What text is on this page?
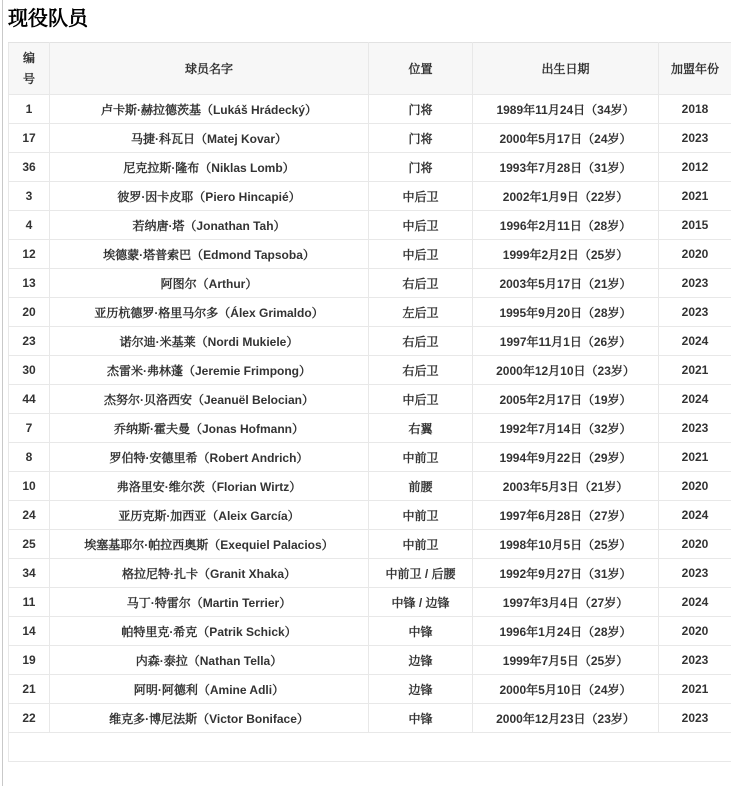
现役队员
编号	球员名字	位置	出生日期	加盟年份
1	卢卡斯·赫拉德茨基（Lukáš Hrádecký）	门将	1989年11月24日（34岁）	2018
17	马捷·科瓦日（Matej Kovar）	门将	2000年5月17日（24岁）	2023
36	尼克拉斯·隆布（Niklas Lomb）	门将	1993年7月28日（31岁）	2012
3	彼罗·因卡皮耶（Piero Hincapié）	中后卫	2002年1月9日（22岁）	2021
4	若纳唐·塔（Jonathan Tah）	中后卫	1996年2月11日（28岁）	2015
12	埃德蒙·塔普索巴（Edmond Tapsoba）	中后卫	1999年2月2日（25岁）	2020
13	阿图尔（Arthur）	右后卫	2003年5月17日（21岁）	2023
20	亚历杭德罗·格里马尔多（Álex Grimaldo）	左后卫	1995年9月20日（28岁）	2023
23	诺尔迪·米基莱（Nordi Mukiele）	右后卫	1997年11月1日（26岁）	2024
30	杰雷米·弗林蓬（Jeremie Frimpong）	右后卫	2000年12月10日（23岁）	2021
44	杰努尔·贝洛西安（Jeanuël Belocian）	中后卫	2005年2月17日（19岁）	2024
7	乔纳斯·霍夫曼（Jonas Hofmann）	右翼	1992年7月14日（32岁）	2023
8	罗伯特·安德里希（Robert Andrich）	中前卫	1994年9月22日（29岁）	2021
10	弗洛里安·维尔茨（Florian Wirtz）	前腰	2003年5月3日（21岁）	2020
24	亚历克斯·加西亚（Aleix García）	中前卫	1997年6月28日（27岁）	2024
25	埃塞基耶尔·帕拉西奥斯（Exequiel Palacios）	中前卫	1998年10月5日（25岁）	2020
34	格拉尼特·扎卡（Granit Xhaka）	中前卫 / 后腰	1992年9月27日（31岁）	2023
11	马丁·特雷尔（Martin Terrier）	中锋 / 边锋	1997年3月4日（27岁）	2024
14	帕特里克·希克（Patrik Schick）	中锋	1996年1月24日（28岁）	2020
19	内森·泰拉（Nathan Tella）	边锋	1999年7月5日（25岁）	2023
21	阿明·阿德利（Amine Adli）	边锋	2000年5月10日（24岁）	2021
22	维克多·博尼法斯（Victor Boniface）	中锋	2000年12月23日（23岁）	2023
